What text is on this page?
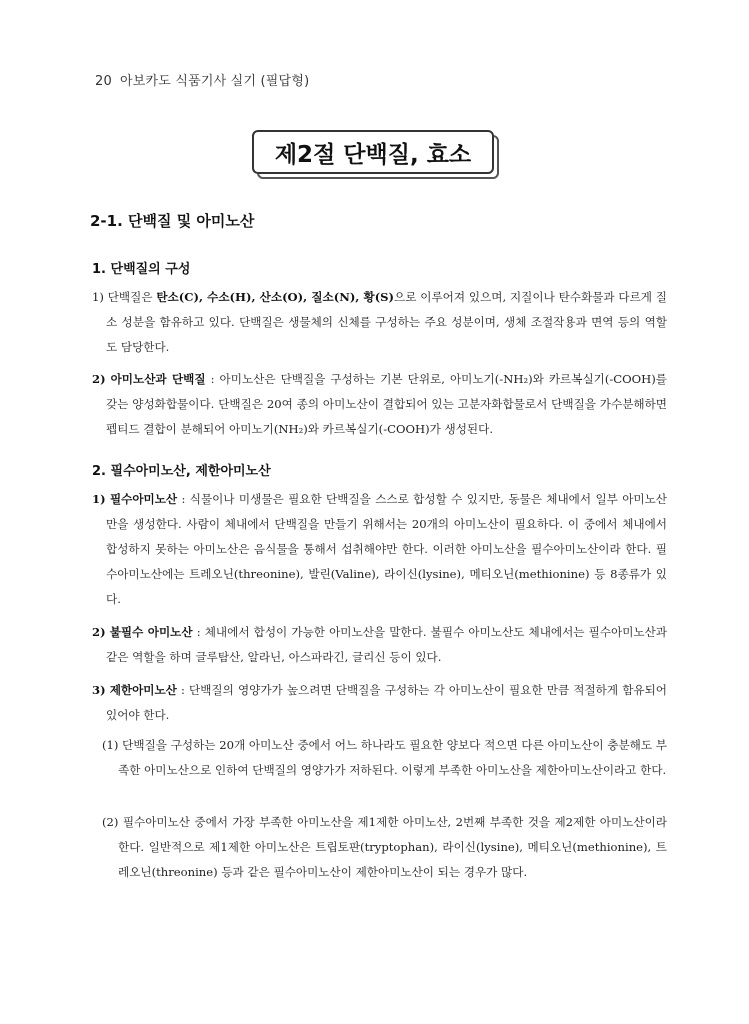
20 아보카도 식품기사 실기 (필답형)
제2절 단백질, 효소
2-1. 단백질 및 아미노산
1. 단백질의 구성
1) 단백질은 탄소(C), 수소(H), 산소(O), 질소(N), 황(S)으로 이루어져 있으며, 지질이나 탄수화물과 다르게 질소 성분을 함유하고 있다. 단백질은 생물체의 신체를 구성하는 주요 성분이며, 생체 조절작용과 면역 등의 역할도 담당한다.
2) 아미노산과 단백질 : 아미노산은 단백질을 구성하는 기본 단위로, 아미노기(-NH₂)와 카르복실기(-COOH)를 갖는 양성화합물이다. 단백질은 20여 종의 아미노산이 결합되어 있는 고분자화합물로서 단백질을 가수분해하면 펩티드 결합이 분해되어 아미노기(NH₂)와 카르복실기(-COOH)가 생성된다.
2. 필수아미노산, 제한아미노산
1) 필수아미노산 : 식물이나 미생물은 필요한 단백질을 스스로 합성할 수 있지만, 동물은 체내에서 일부 아미노산만을 생성한다. 사람이 체내에서 단백질을 만들기 위해서는 20개의 아미노산이 필요하다. 이 중에서 체내에서 합성하지 못하는 아미노산은 음식물을 통해서 섭취해야만 한다. 이러한 아미노산을 필수아미노산이라 한다. 필수아미노산에는 트레오닌(threonine), 발린(Valine), 라이신(lysine), 메티오닌(methionine) 등 8종류가 있다.
2) 불필수 아미노산 : 체내에서 합성이 가능한 아미노산을 말한다. 불필수 아미노산도 체내에서는 필수아미노산과 같은 역할을 하며 글루탐산, 알라닌, 아스파라긴, 글리신 등이 있다.
3) 제한아미노산 : 단백질의 영양가가 높으려면 단백질을 구성하는 각 아미노산이 필요한 만큼 적절하게 함유되어 있어야 한다.
(1) 단백질을 구성하는 20개 아미노산 중에서 어느 하나라도 필요한 양보다 적으면 다른 아미노산이 충분해도 부족한 아미노산으로 인하여 단백질의 영양가가 저하된다. 이렇게 부족한 아미노산을 제한아미노산이라고 한다.
(2) 필수아미노산 중에서 가장 부족한 아미노산을 제1제한 아미노산, 2번째 부족한 것을 제2제한 아미노산이라 한다. 일반적으로 제1제한 아미노산은 트립토판(tryptophan), 라이신(lysine), 메티오닌(methionine), 트레오닌(threonine) 등과 같은 필수아미노산이 제한아미노산이 되는 경우가 많다.
